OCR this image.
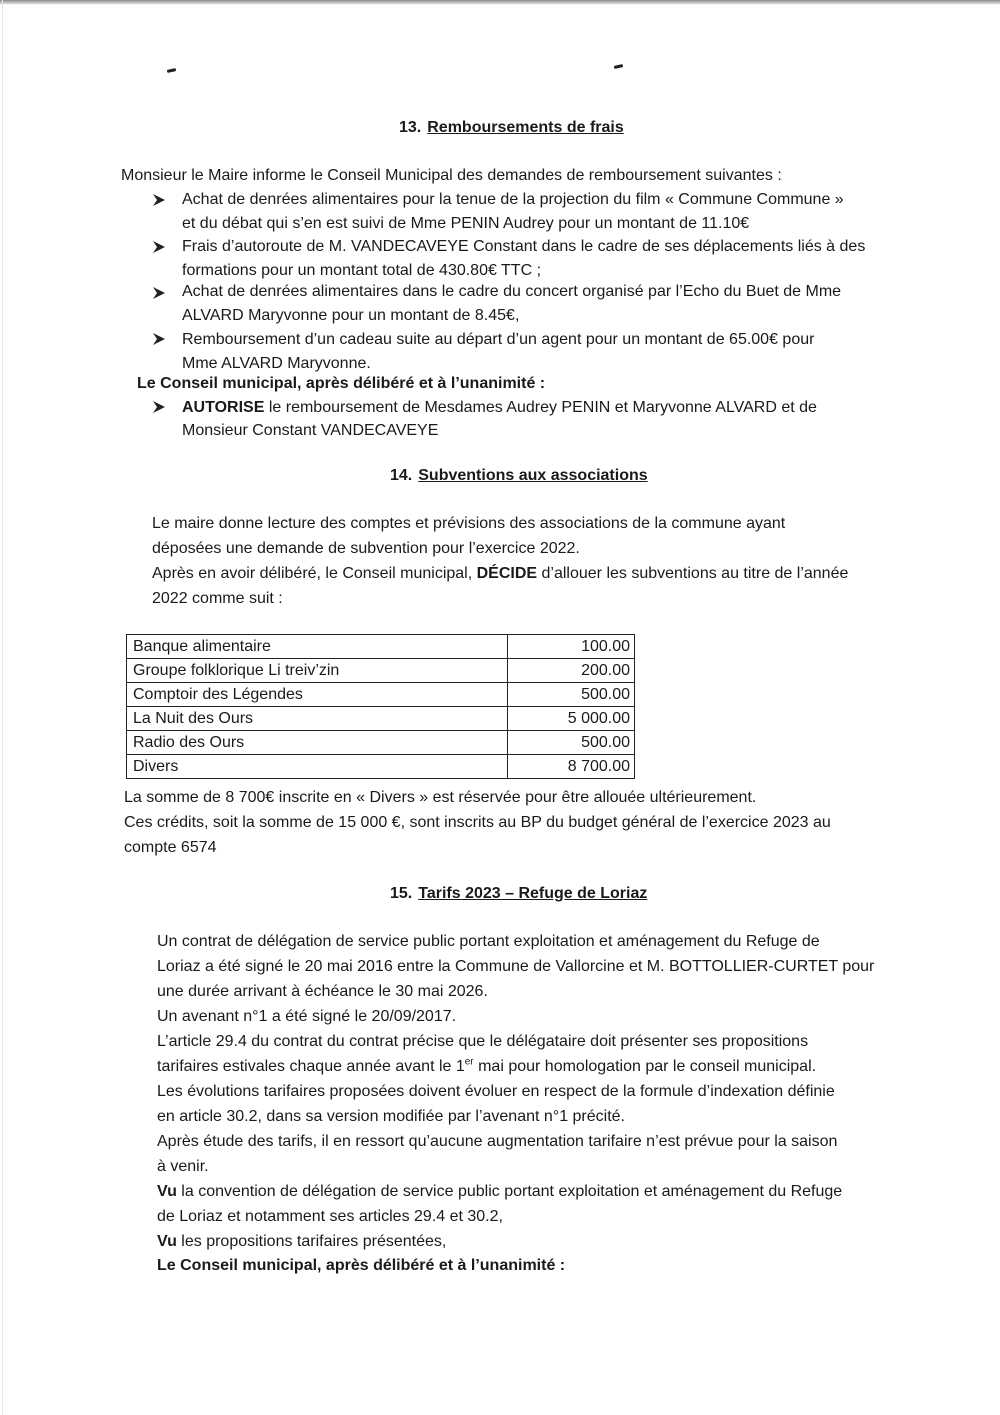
13. Remboursements de frais
Monsieur le Maire informe le Conseil Municipal des demandes de remboursement suivantes :
Achat de denrées alimentaires pour la tenue de la projection du film « Commune Commune »
et du débat qui s’en est suivi de Mme PENIN Audrey pour un montant de 11.10€
Frais d’autoroute de M. VANDECAVEYE Constant dans le cadre de ses déplacements liés à des
formations pour un montant total de 430.80€ TTC ;
Achat de denrées alimentaires dans le cadre du concert organisé par l’Echo du Buet de Mme
ALVARD Maryvonne pour un montant de 8.45€,
Remboursement d’un cadeau suite au départ d’un agent pour un montant de 65.00€ pour
Mme ALVARD Maryvonne.
Le Conseil municipal, après délibéré et à l’unanimité :
AUTORISE le remboursement de Mesdames Audrey PENIN et Maryvonne ALVARD et de
Monsieur Constant VANDECAVEYE
14. Subventions aux associations
Le maire donne lecture des comptes et prévisions des associations de la commune ayant
déposées une demande de subvention pour l’exercice 2022.
Après en avoir délibéré, le Conseil municipal, DÉCIDE d’allouer les subventions au titre de l’année
2022 comme suit :
Banque alimentaire	100.00
Groupe folklorique Li treiv’zin	200.00
Comptoir des Légendes	500.00
La Nuit des Ours	5 000.00
Radio des Ours	500.00
Divers	8 700.00
La somme de 8 700€ inscrite en « Divers » est réservée pour être allouée ultérieurement.
Ces crédits, soit la somme de 15 000 €, sont inscrits au BP du budget général de l’exercice 2023 au
compte 6574
15. Tarifs 2023 – Refuge de Loriaz
Un contrat de délégation de service public portant exploitation et aménagement du Refuge de
Loriaz a été signé le 20 mai 2016 entre la Commune de Vallorcine et M. BOTTOLLIER-CURTET pour
une durée arrivant à échéance le 30 mai 2026.
Un avenant n°1 a été signé le 20/09/2017.
L’article 29.4 du contrat du contrat précise que le délégataire doit présenter ses propositions
tarifaires estivales chaque année avant le 1er mai pour homologation par le conseil municipal.
Les évolutions tarifaires proposées doivent évoluer en respect de la formule d’indexation définie
en article 30.2, dans sa version modifiée par l’avenant n°1 précité.
Après étude des tarifs, il en ressort qu’aucune augmentation tarifaire n’est prévue pour la saison
à venir.
Vu la convention de délégation de service public portant exploitation et aménagement du Refuge
de Loriaz et notamment ses articles 29.4 et 30.2,
Vu les propositions tarifaires présentées,
Le Conseil municipal, après délibéré et à l’unanimité :
